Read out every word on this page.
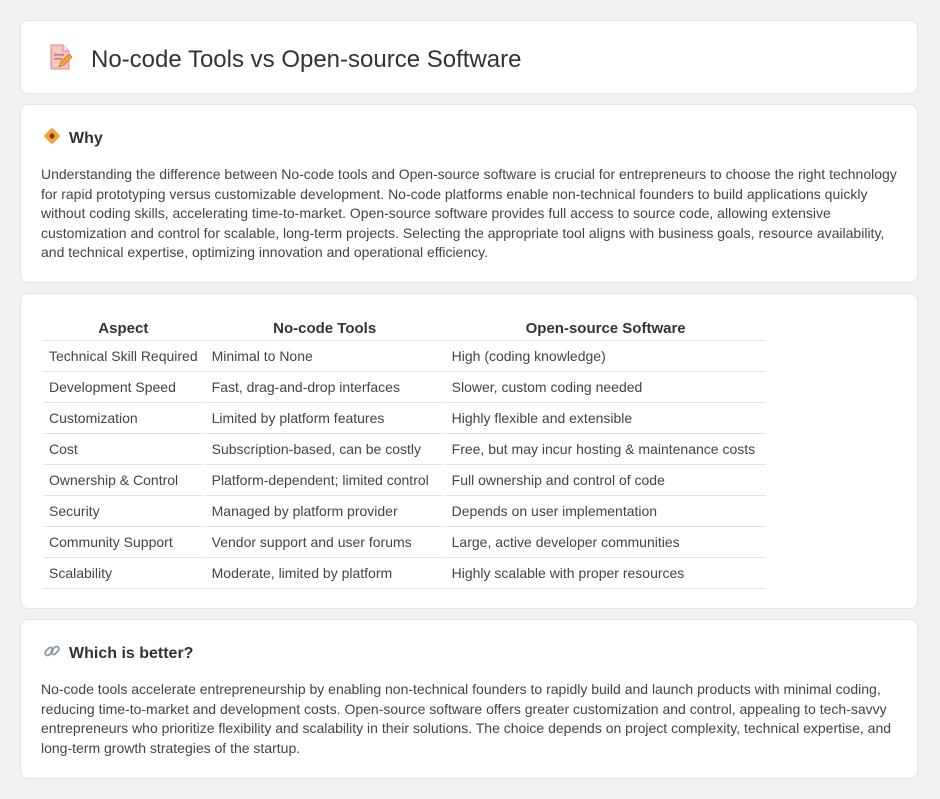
No-code Tools vs Open-source Software
Why

Understanding the difference between No-code tools and Open-source software is crucial for entrepreneurs to choose the right technology for rapid prototyping versus customizable development. No-code platforms enable non-technical founders to build applications quickly without coding skills, accelerating time-to-market. Open-source software provides full access to source code, allowing extensive customization and control for scalable, long-term projects. Selecting the appropriate tool aligns with business goals, resource availability, and technical expertise, optimizing innovation and operational efficiency.

Aspect	No-code Tools	Open-source Software
Technical Skill Required	Minimal to None	High (coding knowledge)
Development Speed	Fast, drag-and-drop interfaces	Slower, custom coding needed
Customization	Limited by platform features	Highly flexible and extensible
Cost	Subscription-based, can be costly	Free, but may incur hosting & maintenance costs
Ownership & Control	Platform-dependent; limited control	Full ownership and control of code
Security	Managed by platform provider	Depends on user implementation
Community Support	Vendor support and user forums	Large, active developer communities
Scalability	Moderate, limited by platform	Highly scalable with proper resources
Which is better?

No-code tools accelerate entrepreneurship by enabling non-technical founders to rapidly build and launch products with minimal coding, reducing time-to-market and development costs. Open-source software offers greater customization and control, appealing to tech-savvy entrepreneurs who prioritize flexibility and scalability in their solutions. The choice depends on project complexity, technical expertise, and long-term growth strategies of the startup.
